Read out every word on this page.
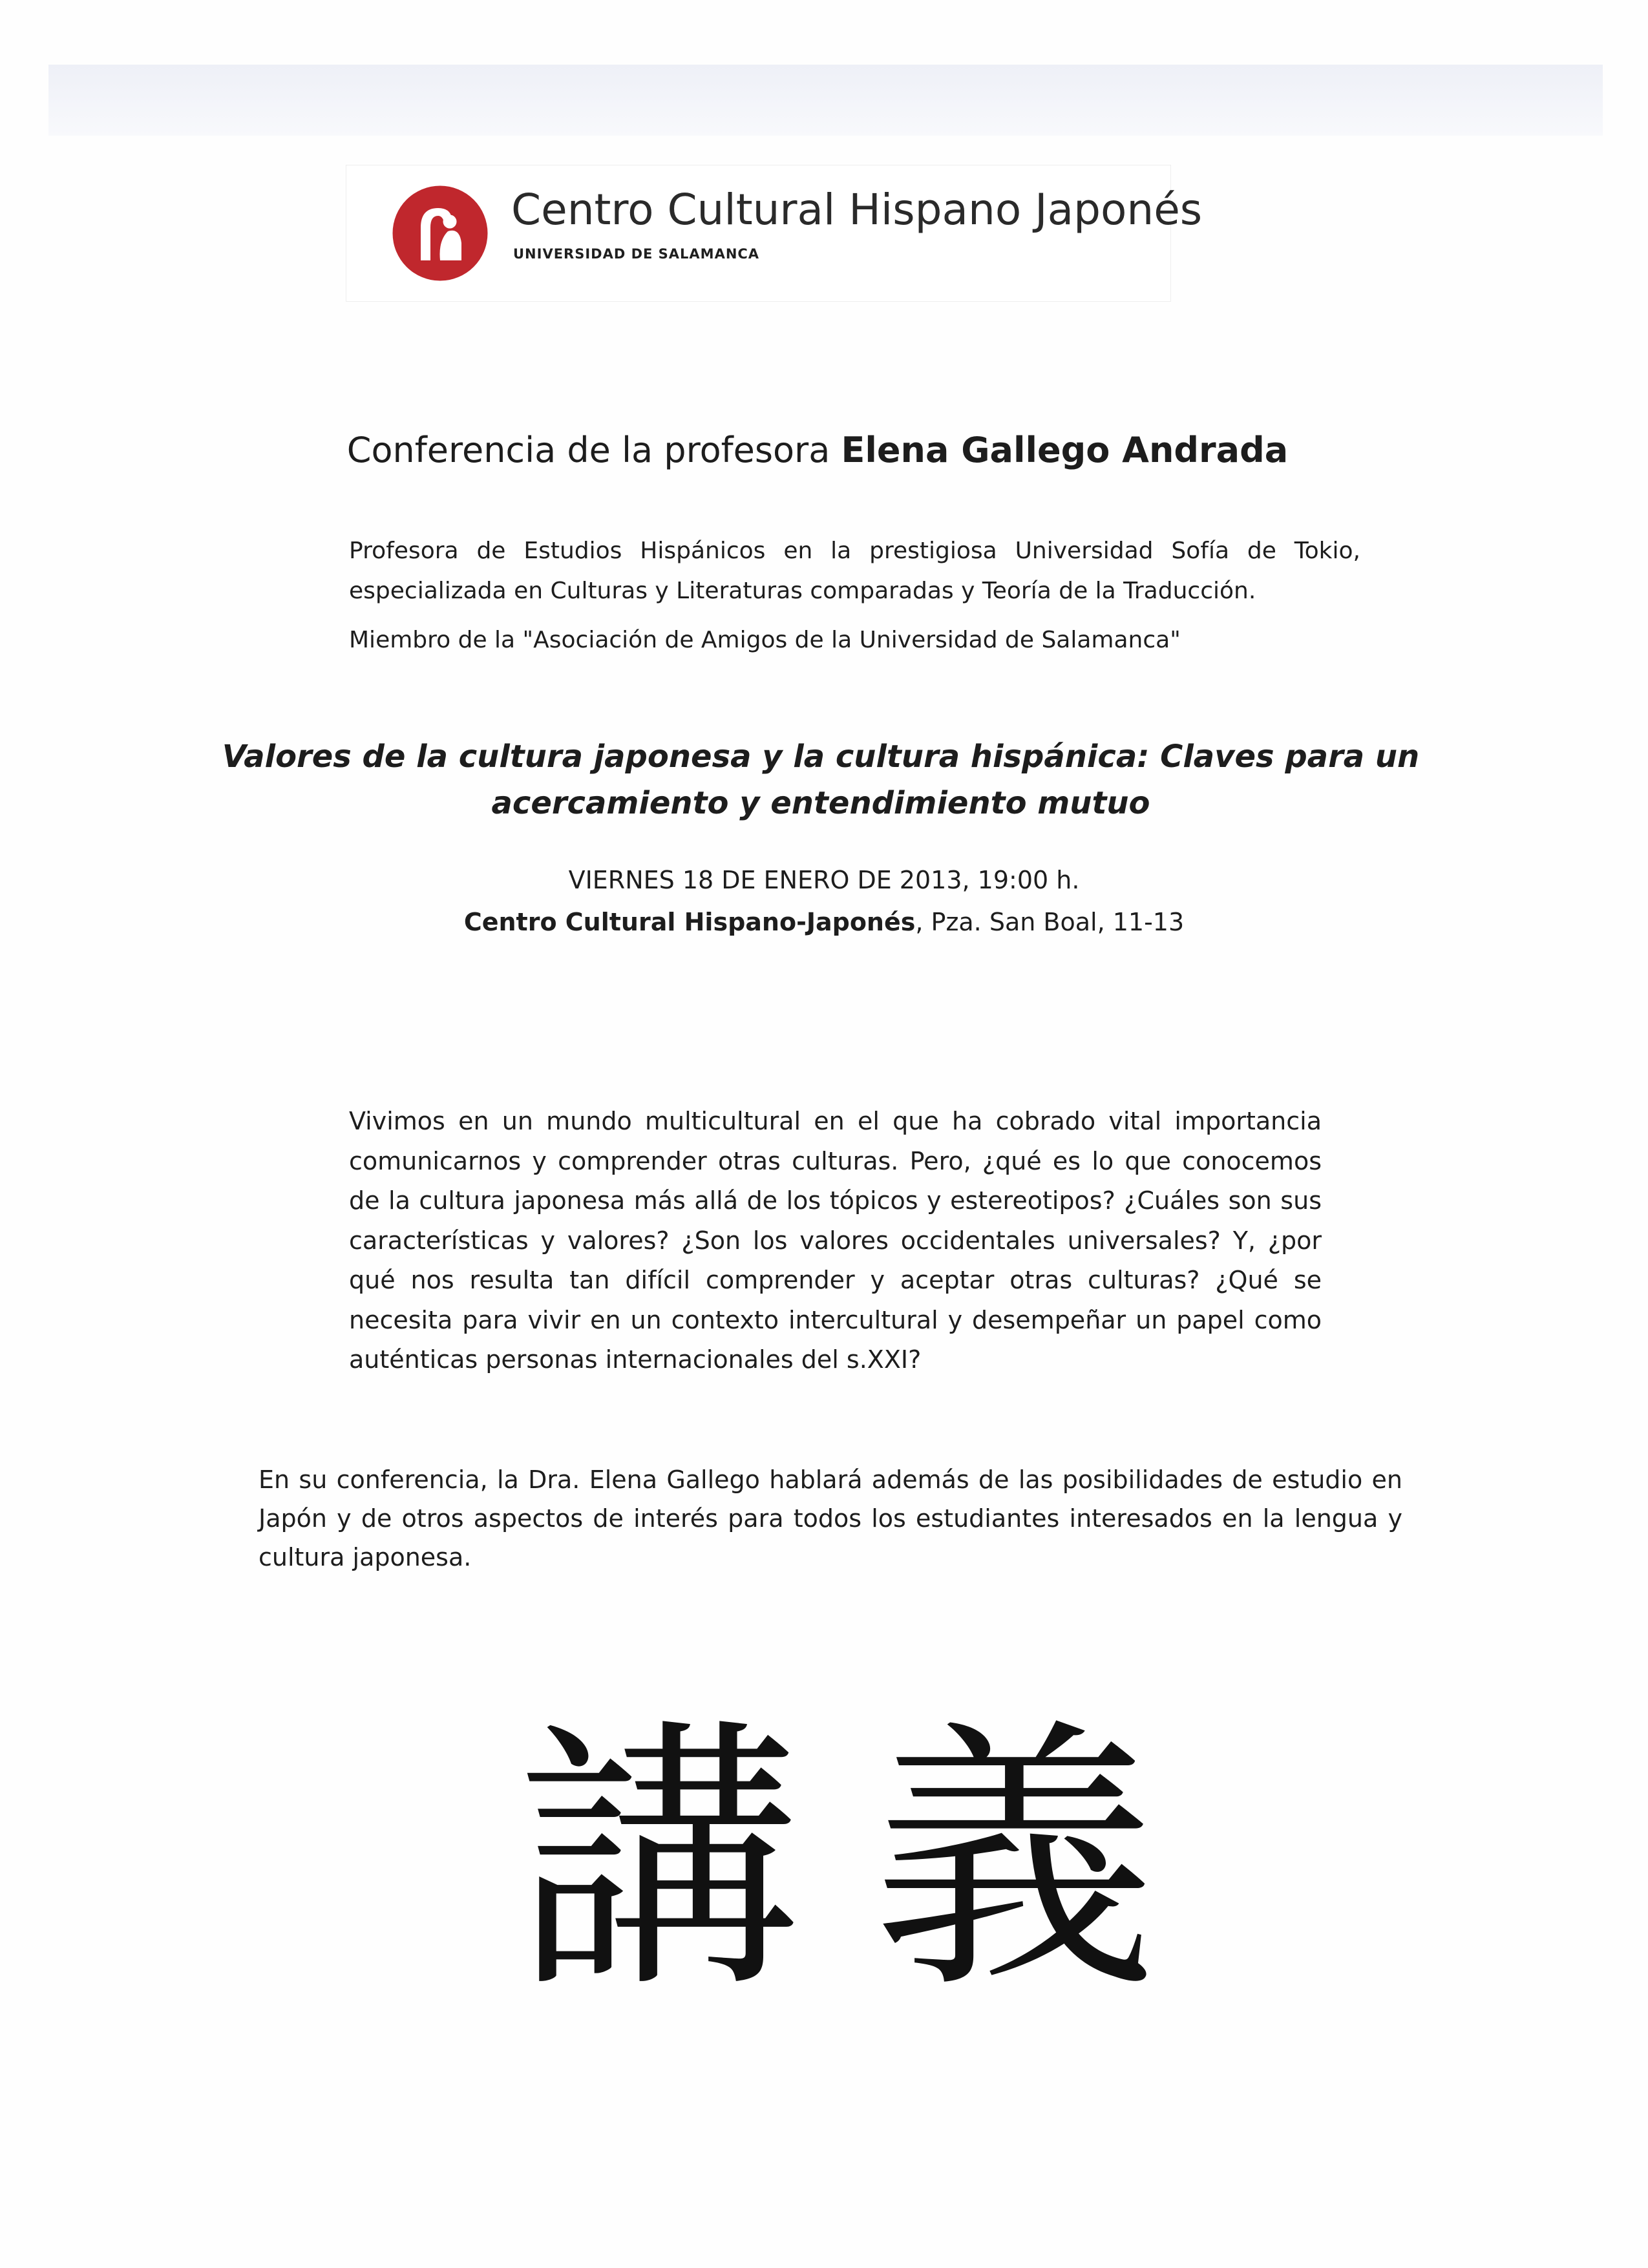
Centro Cultural Hispano Japonés
UNIVERSIDAD DE SALAMANCA
Conferencia de la profesora Elena Gallego Andrada
Profesora de Estudios Hispánicos en la prestigiosa Universidad Sofía de Tokio, especializada en Culturas y Literaturas comparadas y Teoría de la Traducción.
Miembro de la "Asociación de Amigos de la Universidad de Salamanca"
Valores de la cultura japonesa y la cultura hispánica: Claves para un acercamiento y entendimiento mutuo
VIERNES 18 DE ENERO DE 2013, 19:00 h.
Centro Cultural Hispano-Japonés, Pza. San Boal, 11-13
Vivimos en un mundo multicultural en el que ha cobrado vital importancia comunicarnos y comprender otras culturas. Pero, ¿qué es lo que conocemos de la cultura japonesa más allá de los tópicos y estereotipos? ¿Cuáles son sus características y valores? ¿Son los valores occidentales universales? Y, ¿por qué nos resulta tan difícil comprender y aceptar otras culturas? ¿Qué se necesita para vivir en un contexto intercultural y desempeñar un papel como auténticas personas internacionales del s.XXI?
En su conferencia, la Dra. Elena Gallego hablará además de las posibilidades de estudio en Japón y de otros aspectos de interés para todos los estudiantes interesados en la lengua y cultura japonesa.
講 義
